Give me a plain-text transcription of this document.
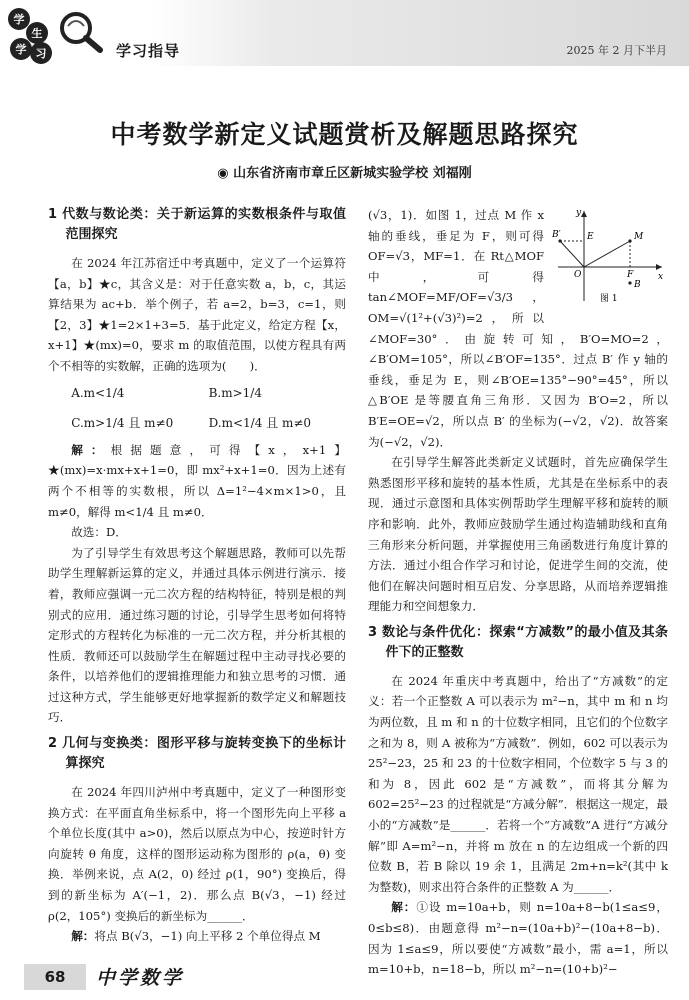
学
生
学 习	学习指导	2025 年 2 月下半月
中考数学新定义试题赏析及解题思路探究
◉ 山东省济南市章丘区新城实验学校 刘福刚
1 代数与数论类：关于新运算的实数根条件与取值范围探究

在 2024 年江苏宿迁中考真题中，定义了一个运算符【a，b】★c，其含义是：对于任意实数 a，b，c，其运算结果为 ac+b．举个例子，若 a=2，b=3，c=1，则【2，3】★1=2×1+3=5．基于此定义，给定方程【x，x+1】★(mx)=0，要求 m 的取值范围，以使方程具有两个不相等的实数解，正确的选项为(　　)．

A.m<1/4	B.m>1/4
C.m>1/4 且 m≠0	D.m<1/4 且 m≠0

解：根据题意，可得【x，x+1】★(mx)=x·mx+x+1=0，即 mx²+x+1=0．因为上述有两个不相等的实数根，所以 Δ=1²−4×m×1>0，且 m≠0，解得 m<1/4 且 m≠0．

故选：D．

为了引导学生有效思考这个解题思路，教师可以先帮助学生理解新运算的定义，并通过具体示例进行演示．接着，教师应强调一元二次方程的结构特征，特别是根的判别式的应用．通过练习题的讨论，引导学生思考如何将特定形式的方程转化为标准的一元二次方程，并分析其根的性质．教师还可以鼓励学生在解题过程中主动寻找必要的条件，以培养他们的逻辑推理能力和独立思考的习惯．通过这种方式，学生能够更好地掌握新的数学定义和解题技巧．

2 几何与变换类：图形平移与旋转变换下的坐标计算探究

在 2024 年四川泸州中考真题中，定义了一种图形变换方式：在平面直角坐标系中，将一个图形先向上平移 a 个单位长度(其中 a>0)，然后以原点为中心，按逆时针方向旋转 θ 角度，这样的图形运动称为图形的 ρ(a，θ) 变换．举例来说，点 A(2，0) 经过 ρ(1，90°) 变换后，得到的新坐标为 A′(−1，2)．那么点 B(√3，−1) 经过 ρ(2，105°) 变换后的新坐标为______．

解：将点 B(√3，−1) 向上平移 2 个单位得点 M

y
x
O	F
M
E
B′
B
图 1

(√3，1)．如图 1，过点 M 作 x 轴的垂线，垂足为 F，则可得 OF=√3，MF=1．在 Rt△MOF 中，可得 tan∠MOF=MF/OF=√3/3，OM=√(1²+(√3)²)=2，所以∠MOF=30°．由旋转可知，B′O=MO=2，∠B′OM=105°，所以∠B′OF=135°．过点 B′ 作 y 轴的垂线，垂足为 E，则∠B′OE=135°−90°=45°，所以△B′OE 是等腰直角三角形．又因为 B′O=2，所以 B′E=OE=√2，所以点 B′ 的坐标为(−√2，√2)．故答案为(−√2，√2)．

在引导学生解答此类新定义试题时，首先应确保学生熟悉图形平移和旋转的基本性质，尤其是在坐标系中的表现．通过示意图和具体实例帮助学生理解平移和旋转的顺序和影响．此外，教师应鼓励学生通过构造辅助线和直角三角形来分析问题，并掌握使用三角函数进行角度计算的方法．通过小组合作学习和讨论，促进学生间的交流，使他们在解决问题时相互启发、分享思路，从而培养逻辑推理能力和空间想象力．

3 数论与条件优化：探索“方减数”的最小值及其条件下的正整数

在 2024 年重庆中考真题中，给出了“方减数”的定义：若一个正整数 A 可以表示为 m²−n，其中 m 和 n 均为两位数，且 m 和 n 的十位数字相同，且它们的个位数字之和为 8，则 A 被称为“方减数”．例如，602 可以表示为 25²−23，25 和 23 的十位数字相同，个位数字 5 与 3 的和为 8，因此 602 是“方减数”，而将其分解为 602=25²−23 的过程就是“方减分解”．根据这一规定，最小的“方减数”是______．若将一个“方减数”A 进行“方减分解”即 A=m²−n，并将 m 放在 n 的左边组成一个新的四位数 B，若 B 除以 19 余 1，且满足 2m+n=k²(其中 k 为整数)，则求出符合条件的正整数 A 为______．

解：①设 m=10a+b，则 n=10a+8−b(1≤a≤9，0≤b≤8)．由题意得 m²−n=(10a+b)²−(10a+8−b)．因为 1≤a≤9，所以要使“方减数”最小，需 a=1，所以 m=10+b，n=18−b，所以 m²−n=(10+b)²−

68	中学数学
